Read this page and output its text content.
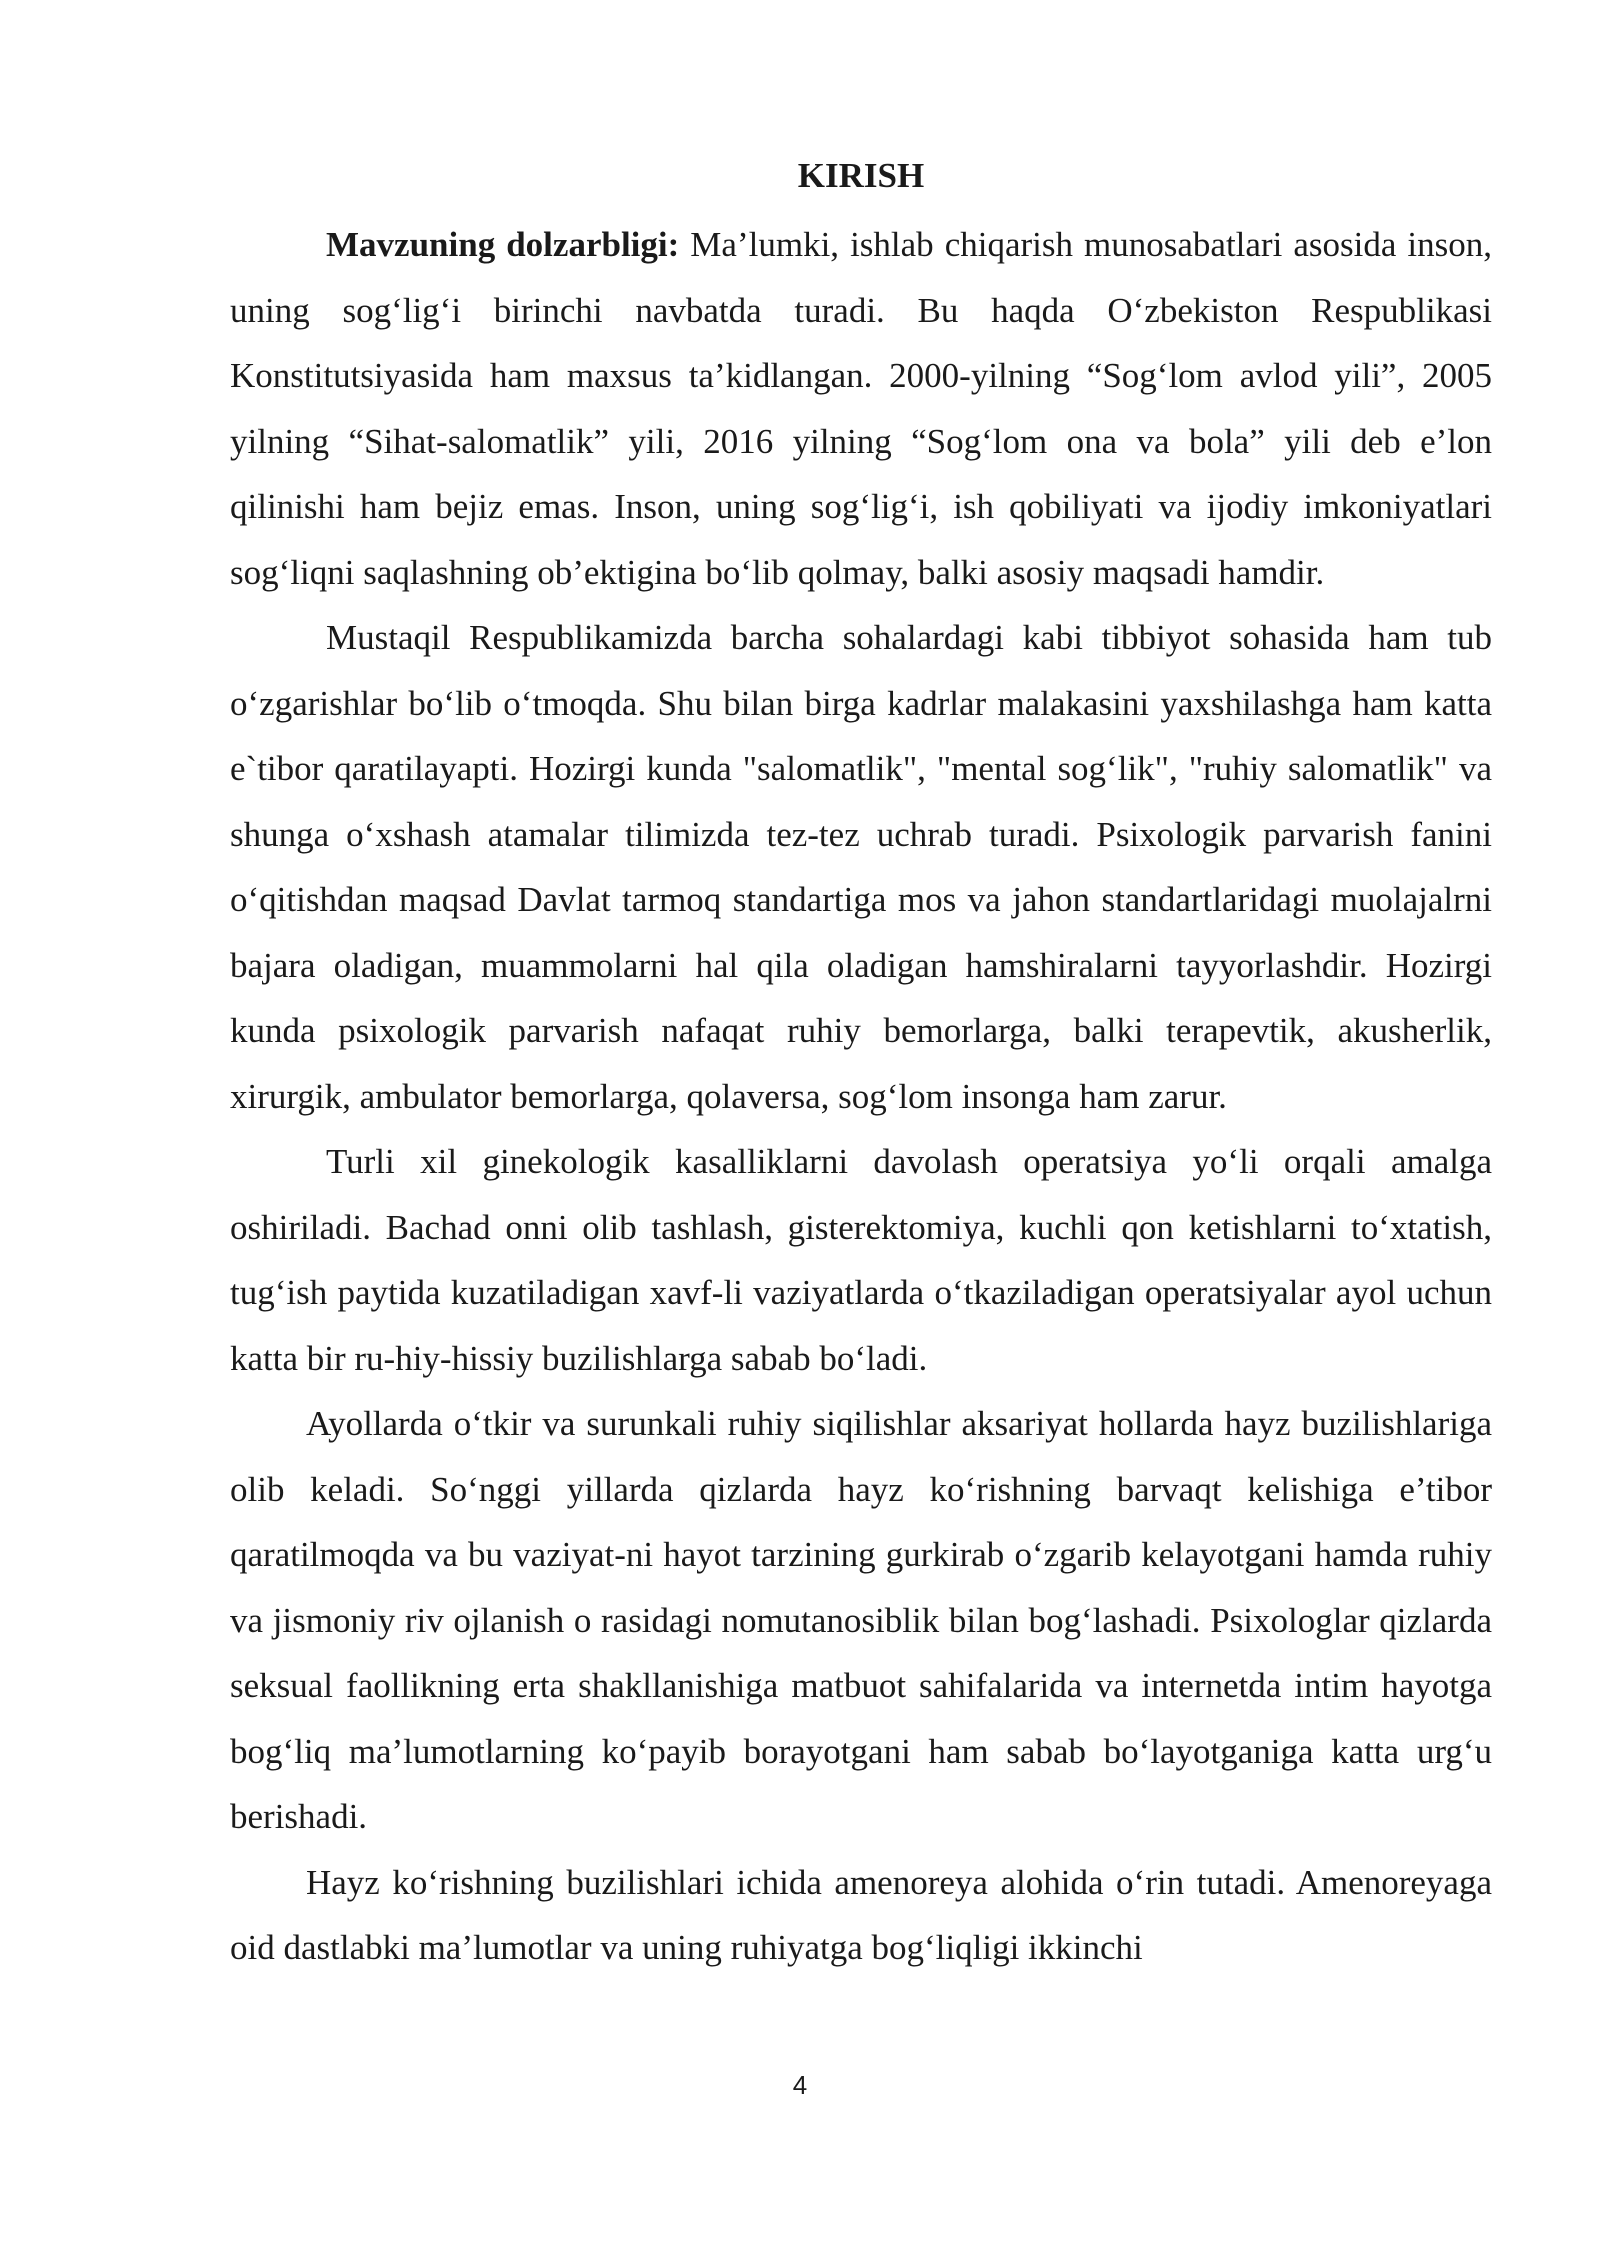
KIRISH

Mavzuning dolzarbligi: Ma’lumki, ishlab chiqarish munosabatlari asosida inson, uning sog‘lig‘i birinchi navbatda turadi. Bu haqda O‘zbekiston Respublikasi Konstitutsiyasida ham maxsus ta’kidlangan. 2000-yilning “Sog‘lom avlod yili”, 2005 yilning “Sihat-salomatlik” yili, 2016 yilning “Sog‘lom ona va bola” yili deb e’lon qilinishi ham bejiz emas. Inson, uning sog‘lig‘i, ish qobiliyati va ijodiy imkoniyatlari sog‘liqni saqlashning ob’ektigina bo‘lib qolmay, balki asosiy maqsadi hamdir.

Mustaqil Respublikamizda barcha sohalardagi kabi tibbiyot sohasida ham tub o‘zgarishlar bo‘lib o‘tmoqda. Shu bilan birga kadrlar malakasini yaxshilashga ham katta e`tibor qaratilayapti. Hozirgi kunda "salomatlik", "mental sog‘lik", "ruhiy salomatlik" va shunga o‘xshash atamalar tilimizda tez-tez uchrab turadi. Psixologik parvarish fanini o‘qitishdan maqsad Davlat tarmoq standartiga mos va jahon standartlaridagi muolajalrni bajara oladigan, muammolarni hal qila oladigan hamshiralarni tayyorlashdir. Hozirgi kunda psixologik parvarish nafaqat ruhiy bemorlarga, balki terapevtik, akusherlik, xirurgik, ambulator bemorlarga, qolaversa, sog‘lom insonga ham zarur.

Turli xil ginekologik kasalliklarni davolash operatsiya yo‘li orqali amalga oshiriladi. Bachad onni olib tashlash, gisterektomiya, kuchli qon ketishlarni to‘xtatish, tug‘ish paytida kuzatiladigan xavf-li vaziyatlarda o‘tkaziladigan operatsiyalar ayol uchun katta bir ru-hiy-hissiy buzilishlarga sabab bo‘ladi.

Ayollarda o‘tkir va surunkali ruhiy siqilishlar aksariyat hollarda hayz buzilishlariga olib keladi. So‘nggi yillarda qizlarda hayz ko‘rishning barvaqt kelishiga e’tibor qaratilmoqda va bu vaziyat-ni hayot tarzining gurkirab o‘zgarib kelayotgani hamda ruhiy va jismoniy riv ojlanish o rasidagi nomutanosiblik bilan bog‘lashadi. Psixologlar qizlarda seksual faollikning erta shakllanishiga matbuot sahifalarida va internetda intim hayotga bog‘liq ma’lumotlarning ko‘payib borayotgani ham sabab bo‘layotganiga katta urg‘u berishadi.

Hayz ko‘rishning buzilishlari ichida amenoreya alohida o‘rin tutadi. Amenoreyaga oid dastlabki ma’lumotlar va uning ruhiyatga bog‘liqligi ikkinchi

4
